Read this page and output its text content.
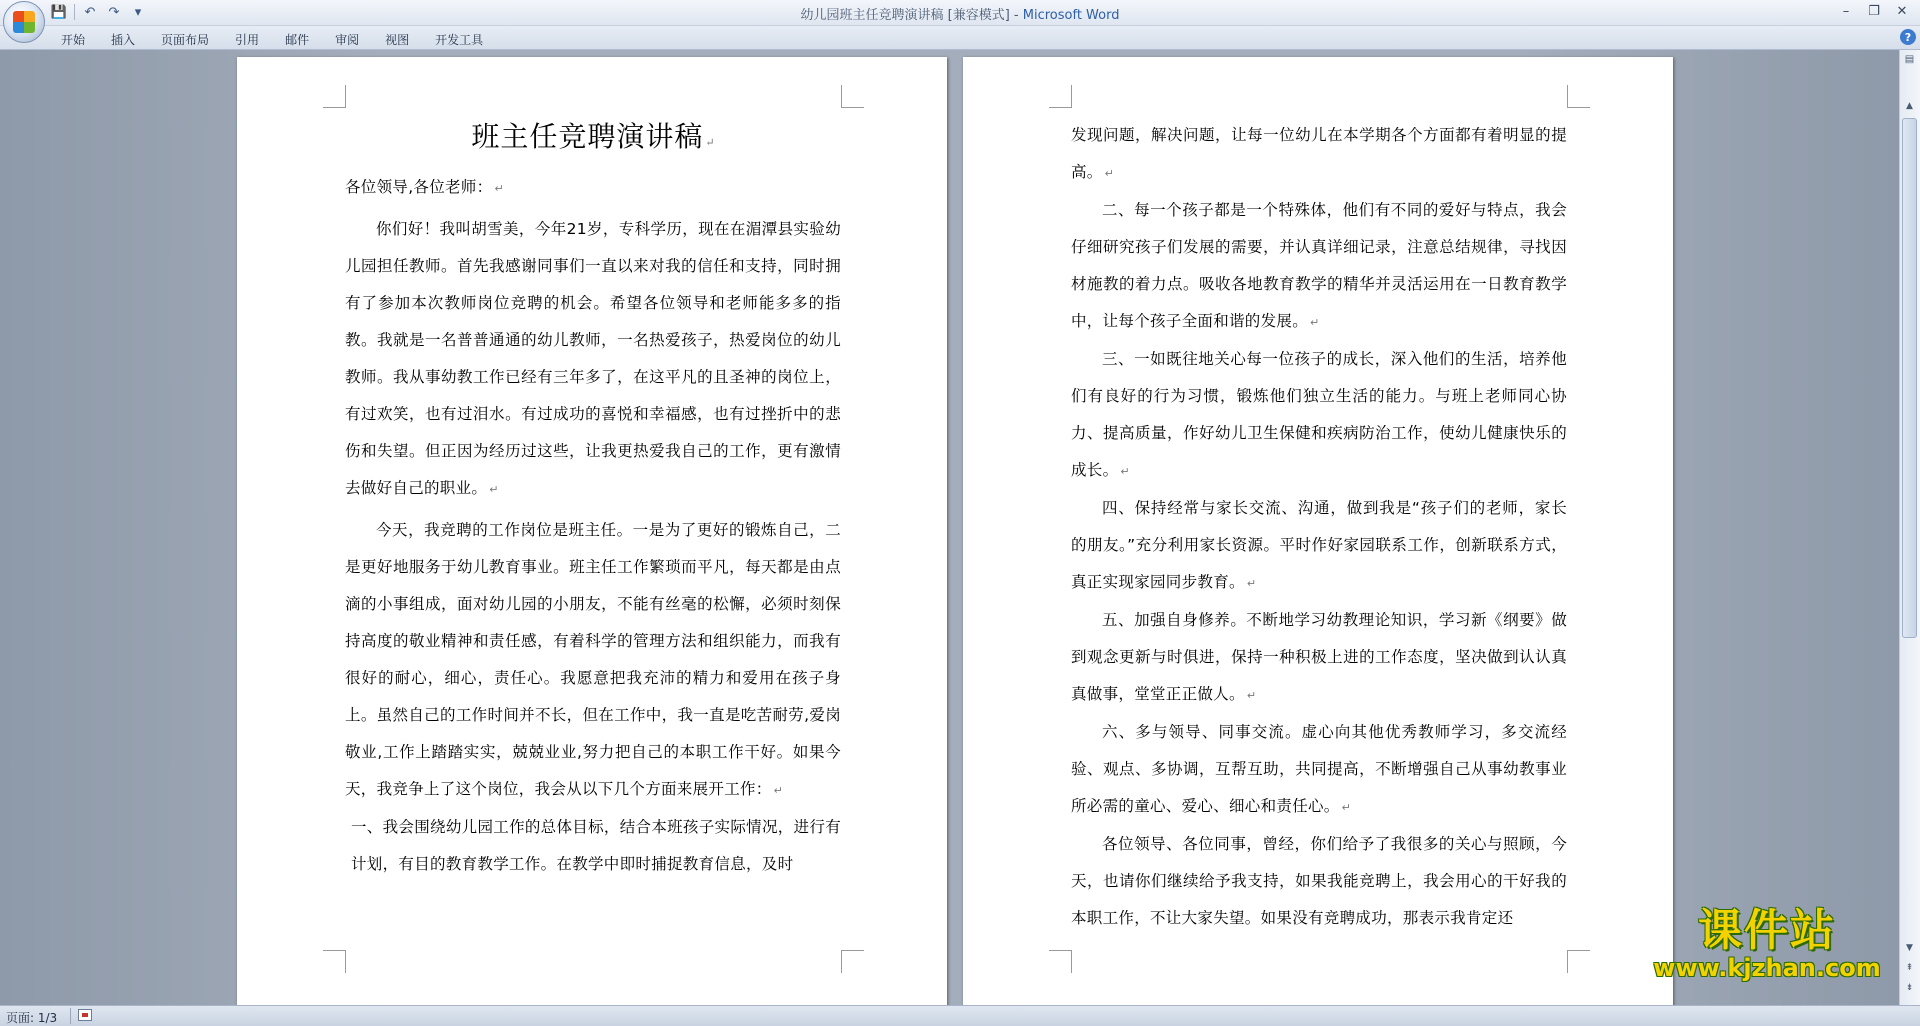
💾 ↶ ↷	▾	幼儿园班主任竞聘演讲稿 [兼容模式] - Microsoft Word	–	❐	✕
开始	插入	页面布局	引用	邮件	审阅	视图	开发工具	?
班主任竞聘演讲稿 ↵

各位领导,各位老师： ↵

你们好！我叫胡雪美，今年21岁，专科学历，现在在湄潭县实验幼儿园担任教师。首先我感谢同事们一直以来对我的信任和支持，同时拥有了参加本次教师岗位竞聘的机会。希望各位领导和老师能多多的指教。我就是一名普普通通的幼儿教师，一名热爱孩子，热爱岗位的幼儿教师。我从事幼教工作已经有三年多了，在这平凡的且圣神的岗位上，有过欢笑，也有过泪水。有过成功的喜悦和幸福感，也有过挫折中的悲伤和失望。但正因为经历过这些，让我更热爱我自己的工作，更有激情去做好自己的职业。 ↵

今天，我竞聘的工作岗位是班主任。一是为了更好的锻炼自己，二是更好地服务于幼儿教育事业。班主任工作繁琐而平凡，每天都是由点滴的小事组成，面对幼儿园的小朋友，不能有丝毫的松懈，必须时刻保持高度的敬业精神和责任感，有着科学的管理方法和组织能力，而我有很好的耐心，细心，责任心。我愿意把我充沛的精力和爱用在孩子身上。虽然自己的工作时间并不长，但在工作中，我一直是吃苦耐劳,爱岗敬业,工作上踏踏实实，兢兢业业,努力把自己的本职工作干好。如果今天，我竞争上了这个岗位，我会从以下几个方面来展开工作： ↵

一、我会围绕幼儿园工作的总体目标，结合本班孩子实际情况，进行有计划，有目的教育教学工作。在教学中即时捕捉教育信息，及时

发现问题，解决问题，让每一位幼儿在本学期各个方面都有着明显的提高。 ↵

二、每一个孩子都是一个特殊体，他们有不同的爱好与特点，我会仔细研究孩子们发展的需要，并认真详细记录，注意总结规律，寻找因材施教的着力点。吸收各地教育教学的精华并灵活运用在一日教育教学中，让每个孩子全面和谐的发展。 ↵

三、一如既往地关心每一位孩子的成长，深入他们的生活，培养他们有良好的行为习惯，锻炼他们独立生活的能力。与班上老师同心协力、提高质量，作好幼儿卫生保健和疾病防治工作，使幼儿健康快乐的成长。 ↵

四、保持经常与家长交流、沟通，做到我是“孩子们的老师，家长的朋友。”充分利用家长资源。平时作好家园联系工作，创新联系方式，真正实现家园同步教育。 ↵

五、加强自身修养。不断地学习幼教理论知识，学习新《纲要》做到观念更新与时俱进，保持一种积极上进的工作态度，坚决做到认认真真做事，堂堂正正做人。 ↵

六、多与领导、同事交流。虚心向其他优秀教师学习，多交流经验、观点、多协调，互帮互助，共同提高，不断增强自己从事幼教事业所必需的童心、爱心、细心和责任心。 ↵

各位领导、各位同事，曾经，你们给予了我很多的关心与照顾，今天，也请你们继续给予我支持，如果我能竞聘上，我会用心的干好我的本职工作，不让大家失望。如果没有竞聘成功，那表示我肯定还	课件站
www.kjzhan.com
▤
▲
▼
⇞
⇟
页面: 1/3
